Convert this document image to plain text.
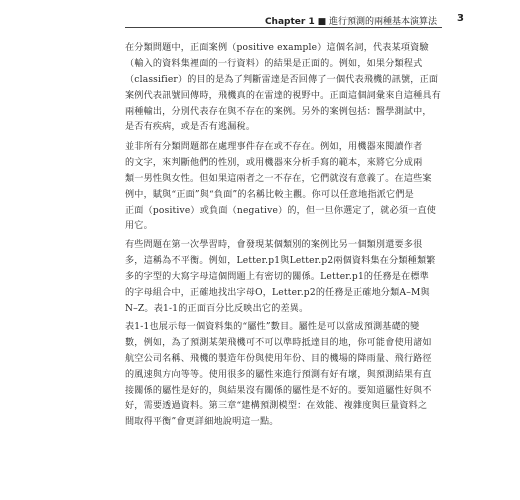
Chapter 1 ■ 進行預測的兩種基本演算法 3

在分類問題中，正面案例（positive example）這個名詞，代表某項資驗

（輸入的資料集裡面的一行資料）的結果是正面的。例如，如果分類程式

（classifier）的目的是為了判斷雷達是否回傳了一個代表飛機的訊號，正面

案例代表訊號回傳時，飛機真的在雷達的視野中。正面這個詞彙來自這種具有

兩種輸出，分別代表存在與不存在的案例。另外的案例包括：醫學測試中，

是否有疾病，或是否有逃漏稅。

並非所有分類問題都在處理事件存在或不存在。例如，用機器來閱讀作者

的文字，來判斷他們的性別，或用機器來分析手寫的範本，來將它分成兩

類一男性與女性。但如果這兩者之一不存在，它們就沒有意義了。在這些案

例中，賦與“正面”與“負面”的名稱比較主觀。你可以任意地指派它們是

正面（positive）或負面（negative）的，但一旦你選定了，就必須一直使

用它。

有些問題在第一次學習時，會發現某個類別的案例比另一個類別還要多很

多，這稱為不平衡。例如，Letter.p1與Letter.p2兩個資料集在分類種類繁

多的字型的大寫字母這個問題上有密切的關係。Letter.p1的任務是在標準

的字母組合中，正確地找出字母O，Letter.p2的任務是正確地分類A–M與

N–Z。表1-1的正面百分比反映出它的差異。

表1-1也展示每一個資料集的“屬性”數目。屬性是可以當成預測基礎的變

數，例如，為了預測某架飛機可不可以準時抵達目的地，你可能會使用諸如

航空公司名稱、飛機的製造年份與使用年份、目的機場的降雨量、飛行路徑

的風速與方向等等。使用很多的屬性來進行預測有好有壞，與預測結果有直

接關係的屬性是好的，與結果沒有關係的屬性是不好的。要知道屬性好與不

好，需要透過資料。第三章“建構預測模型：在效能、複雜度與巨量資料之

間取得平衡”會更詳細地說明這一點。
